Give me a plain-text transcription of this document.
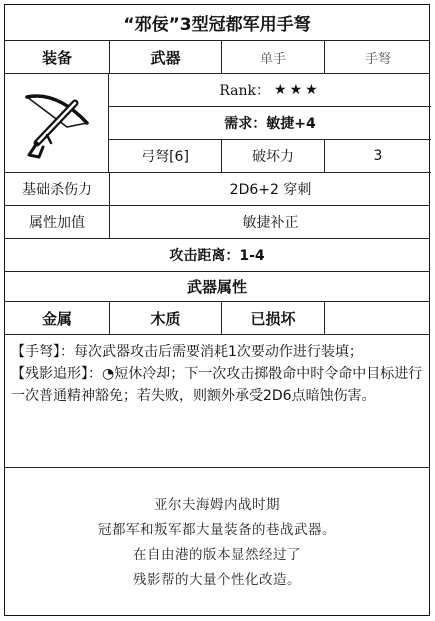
“邪佞”3型冠都军用手弩
装备	武器	单手	手弩
Rank： ★★★
需求：敏捷+4
弓弩[6]	破坏力	3
基础杀伤力	2D6+2 穿刺
属性加值	敏捷补正
攻击距离：1-4
武器属性
金属	木质	已损坏

【手弩】：每次武器攻击后需要消耗1次要动作进行装填；

【残影追形】：◔短休冷却；下一次攻击掷骰命中时令命中目标进行一次普通精神豁免；若失败，则额外承受2D6点暗蚀伤害。

亚尔夫海姆内战时期

冠都军和叛军都大量装备的巷战武器。

在自由港的版本显然经过了

残影帮的大量个性化改造。
